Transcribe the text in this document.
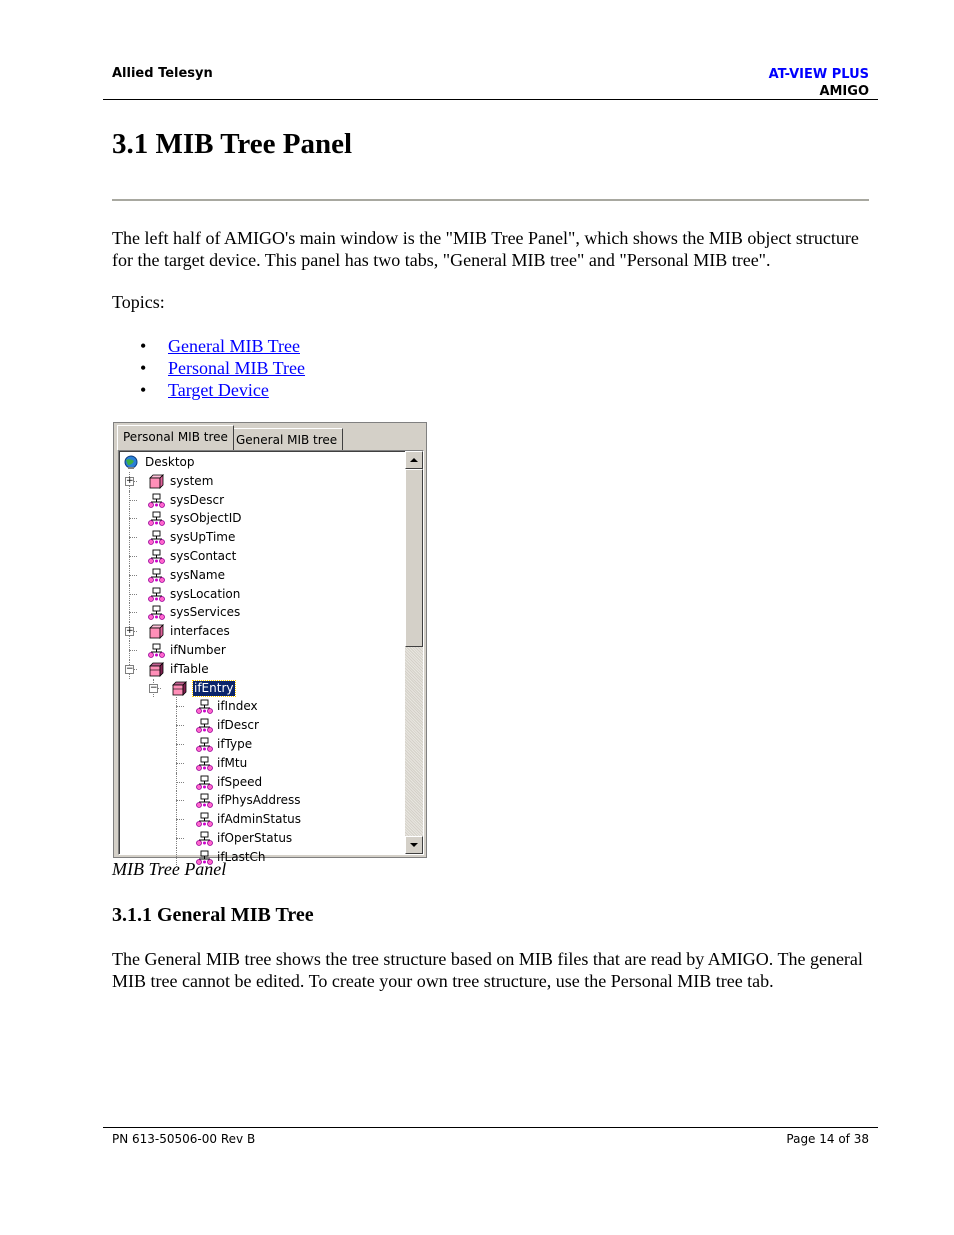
Allied Telesyn	AT-VIEW PLUS
AMIGO
3.1 MIB Tree Panel
The left half of AMIGO's main window is the "MIB Tree Panel", which shows the MIB object structure for the target device. This panel has two tabs, "General MIB tree" and "Personal MIB tree".
Topics:
• General MIB Tree
• Personal MIB Tree
• Target Device
Personal MIB tree General MIB tree
Desktop
+	system
sysDescr
sysObjectID
sysUpTime
sysContact
sysName
sysLocation
sysServices
+	interfaces
ifNumber
−	ifTable
−	ifEntry
ifIndex
ifDescr
ifType
ifMtu
ifSpeed
ifPhysAddress
ifAdminStatus
ifOperStatus
ifLastCh
MIB Tree Panel
3.1.1 General MIB Tree
The General MIB tree shows the tree structure based on MIB files that are read by AMIGO. The general MIB tree cannot be edited. To create your own tree structure, use the Personal MIB tree tab.
PN 613-50506-00 Rev B	Page 14 of 38
